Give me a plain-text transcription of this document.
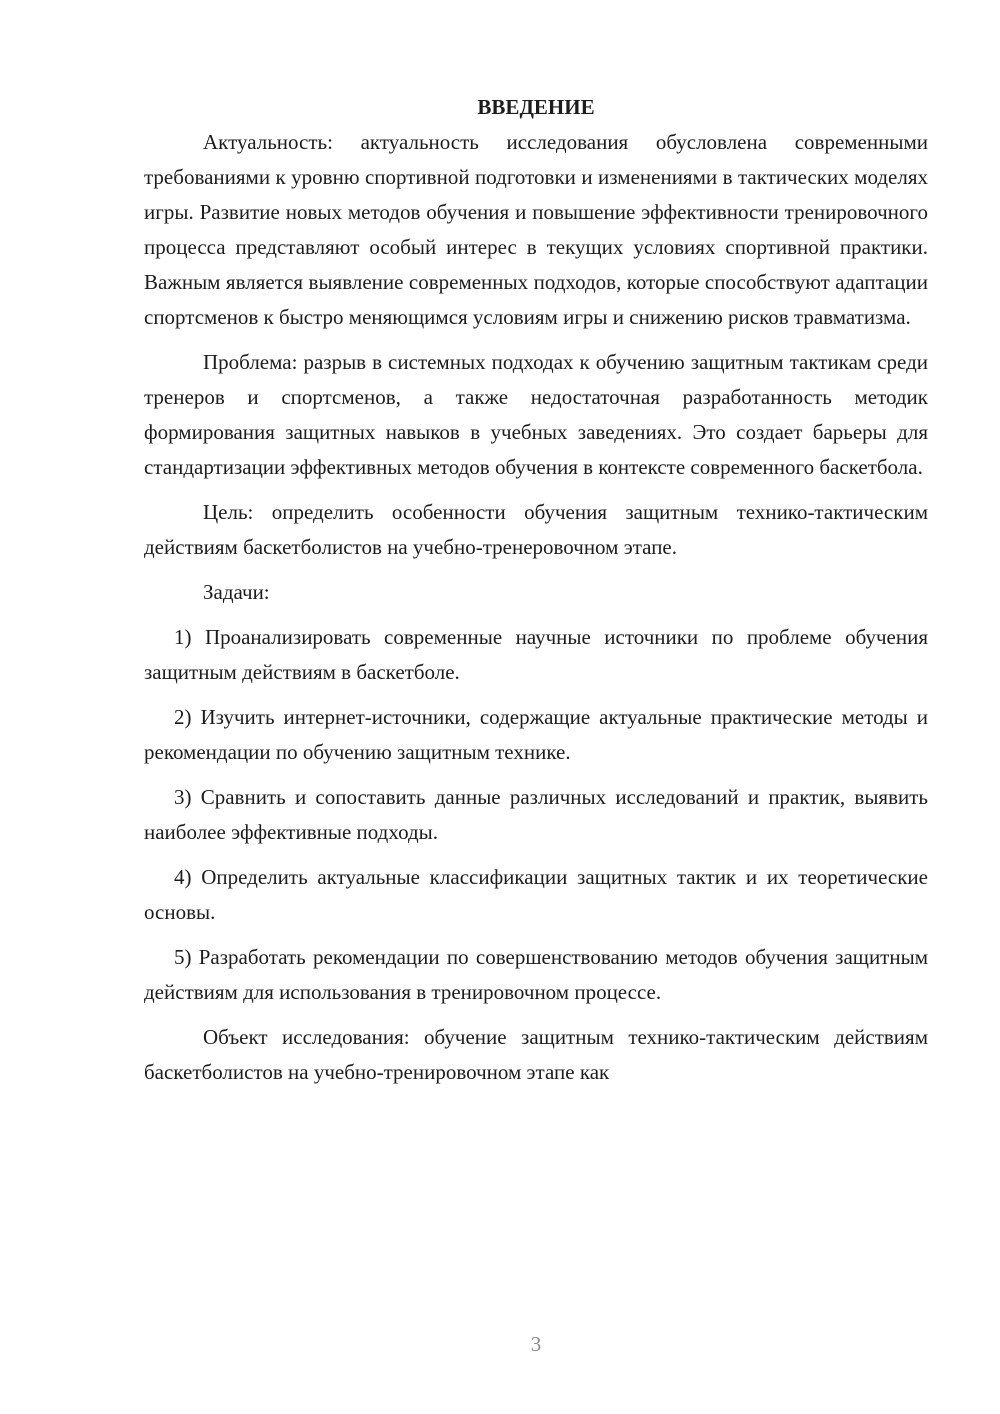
ВВЕДЕНИЕ

Актуальность: актуальность исследования обусловлена современными требованиями к уровню спортивной подготовки и изменениями в тактических моделях игры. Развитие новых методов обучения и повышение эффективности тренировочного процесса представляют особый интерес в текущих условиях спортивной практики. Важным является выявление современных подходов, которые способствуют адаптации спортсменов к быстро меняющимся условиям игры и снижению рисков травматизма.

Проблема: разрыв в системных подходах к обучению защитным тактикам среди тренеров и спортсменов, а также недостаточная разработанность методик формирования защитных навыков в учебных заведениях. Это создает барьеры для стандартизации эффективных методов обучения в контексте современного баскетбола.

Цель: определить особенности обучения защитным технико-тактическим действиям баскетболистов на учебно-тренеровочном этапе.

Задачи:

1) Проанализировать современные научные источники по проблеме обучения защитным действиям в баскетболе.

2) Изучить интернет-источники, содержащие актуальные практические методы и рекомендации по обучению защитным технике.

3) Сравнить и сопоставить данные различных исследований и практик, выявить наиболее эффективные подходы.

4) Определить актуальные классификации защитных тактик и их теоретические основы.

5) Разработать рекомендации по совершенствованию методов обучения защитным действиям для использования в тренировочном процессе.

Объект исследования: обучение защитным технико-тактическим действиям баскетболистов на учебно-тренировочном этапе как

3
